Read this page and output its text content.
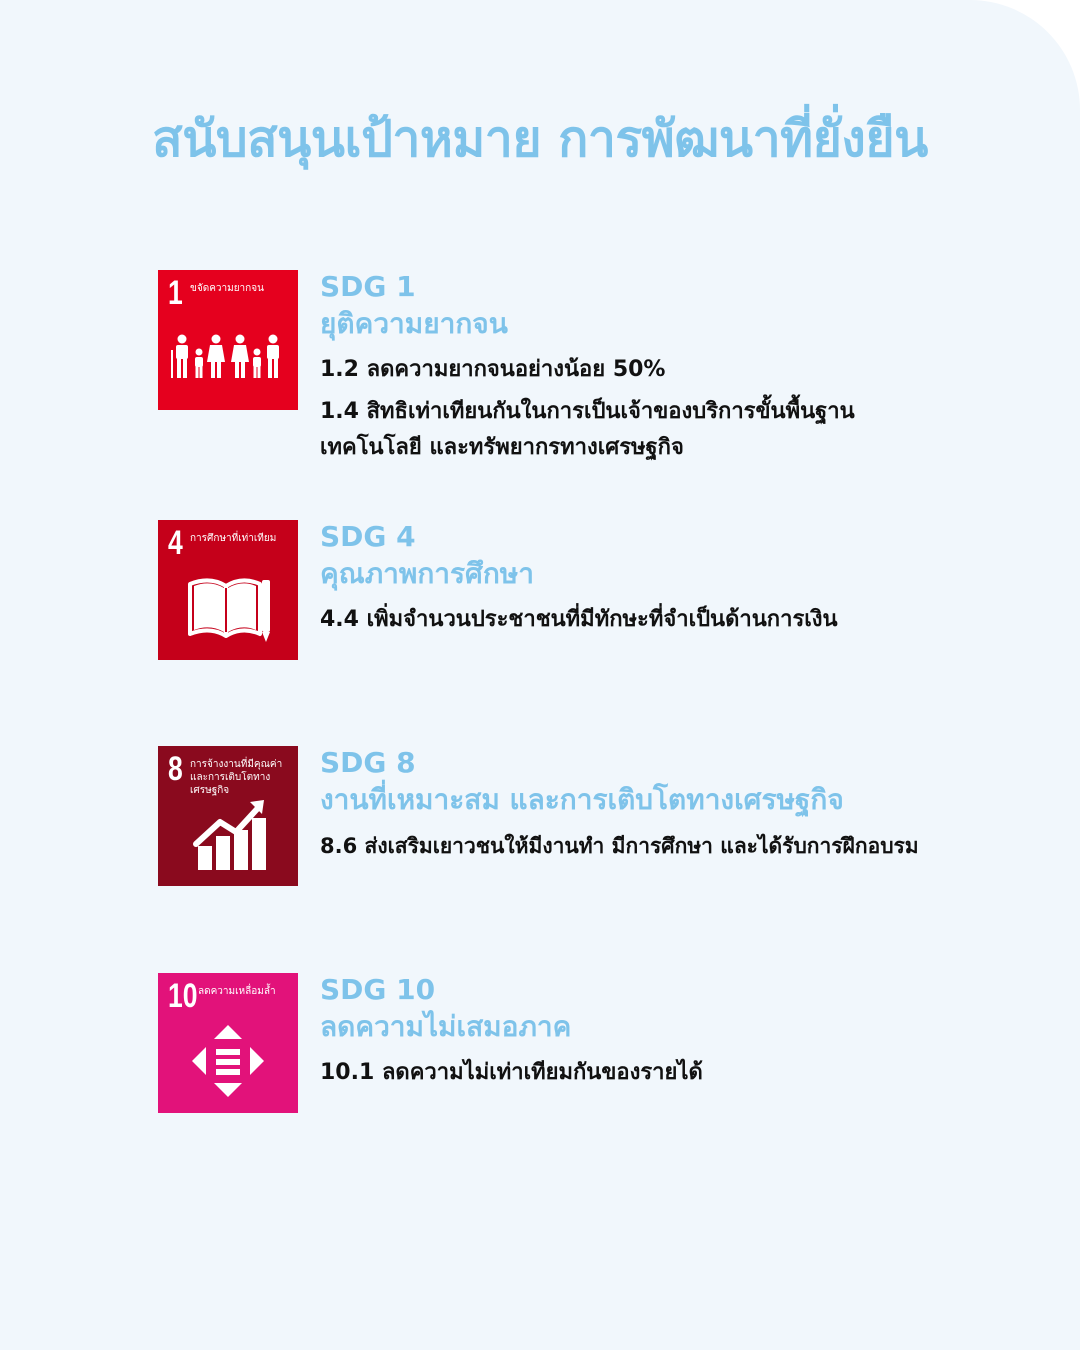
สนับสนุนเป้าหมาย การพัฒนาที่ยั่งยืน
1 ขจัดความยากจน	SDG 1
ยุติความยากจน
1.2 ลดความยากจนอย่างน้อย 50%
1.4 สิทธิเท่าเทียนกันในการเป็นเจ้าของบริการขั้นพื้นฐาน เทคโนโลยี และทรัพยากรทางเศรษฐกิจ
4 การศึกษาที่เท่าเทียม	SDG 4
คุณภาพการศึกษา
4.4 เพิ่มจำนวนประชาชนที่มีทักษะที่จำเป็นด้านการเงิน
8 การจ้างงานที่มีคุณค่าและการเติบโตทางเศรษฐกิจ
SDG 8
งานที่เหมาะสม และการเติบโตทางเศรษฐกิจ
8.6 ส่งเสริมเยาวชนให้มีงานทำ มีการศึกษา และได้รับการฝึกอบรม
10 ลดความเหลื่อมล้ำ	SDG 10
ลดความไม่เสมอภาค
10.1 ลดความไม่เท่าเทียมกันของรายได้
